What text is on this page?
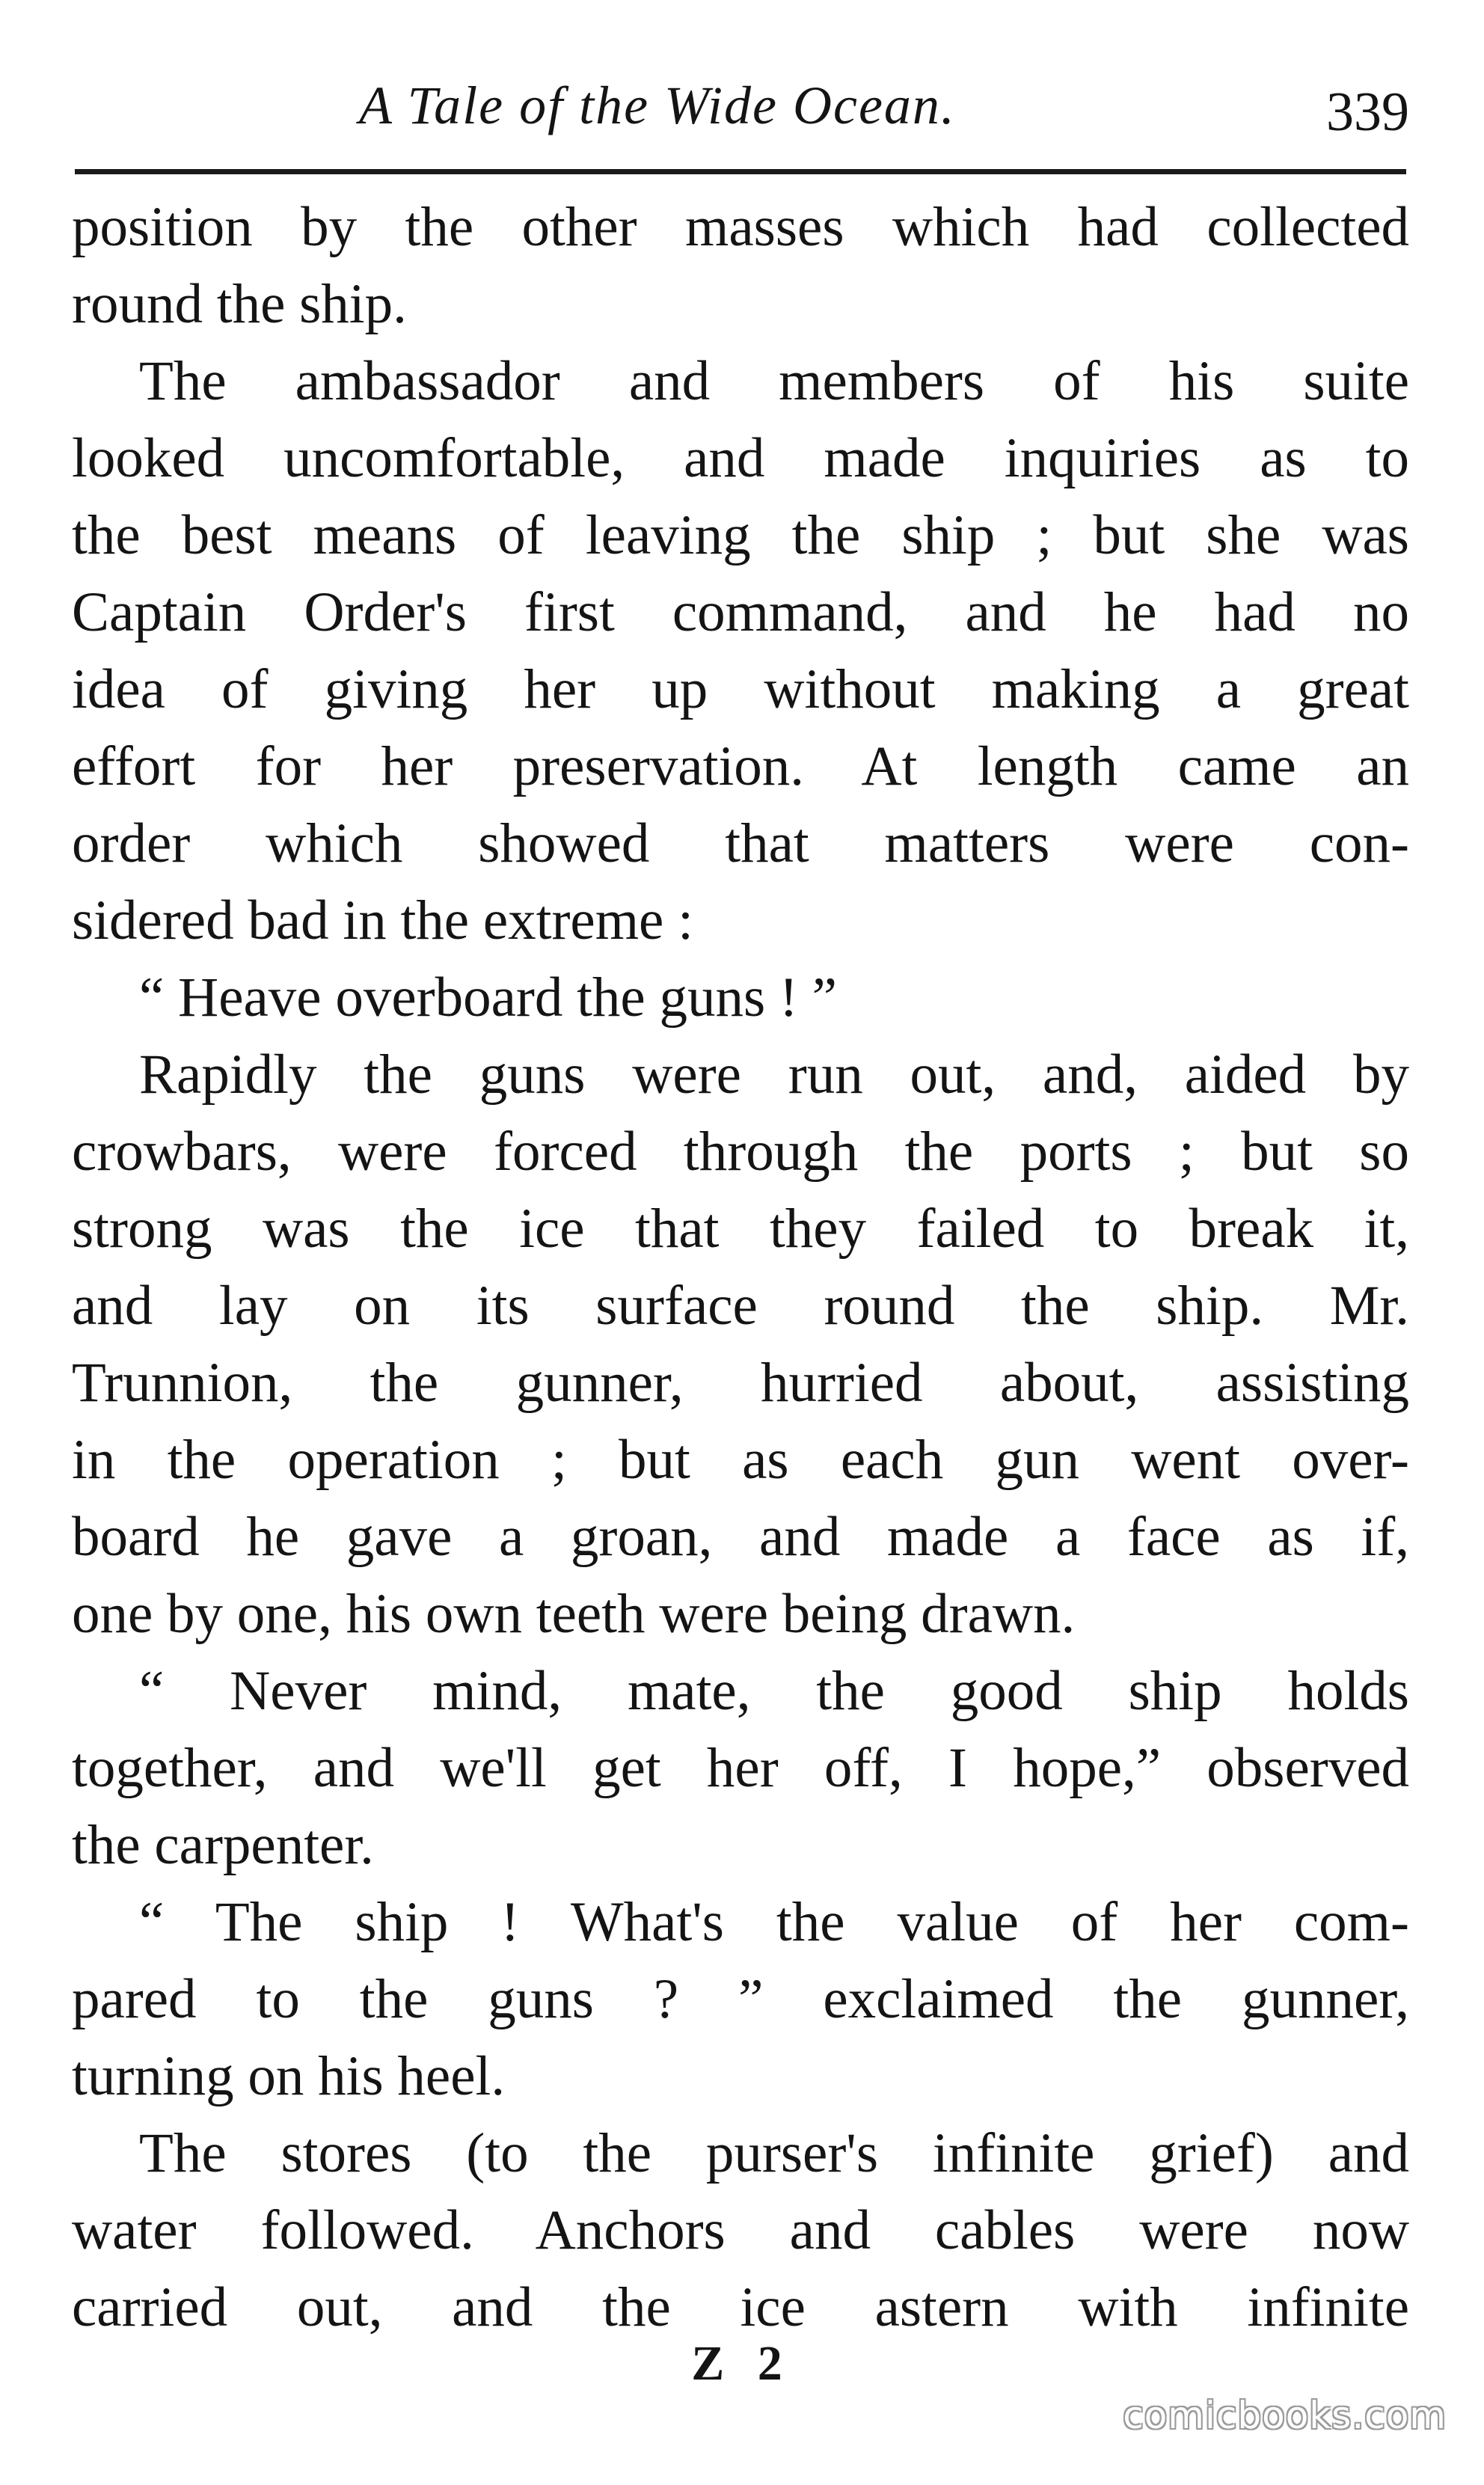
A Tale of the Wide Ocean.	339
position by the other masses which had collected
round the ship.
The ambassador and members of his suite
looked uncomfortable, and made inquiries as to
the best means of leaving the ship ; but she was
Captain Order's first command, and he had no
idea of giving her up without making a great
effort for her preservation. At length came an
order which showed that matters were con-
sidered bad in the extreme :
“ Heave overboard the guns ! ”
Rapidly the guns were run out, and, aided by
crowbars, were forced through the ports ; but so
strong was the ice that they failed to break it,
and lay on its surface round the ship. Mr.
Trunnion, the gunner, hurried about, assisting
in the operation ; but as each gun went over-
board he gave a groan, and made a face as if,
one by one, his own teeth were being drawn.
“ Never mind, mate, the good ship holds
together, and we'll get her off, I hope,” observed
the carpenter.
“ The ship ! What's the value of her com-
pared to the guns ? ” exclaimed the gunner,
turning on his heel.
The stores (to the purser's infinite grief) and
water followed. Anchors and cables were now
carried out, and the ice astern with infinite
Z 2
comicbooks.com
